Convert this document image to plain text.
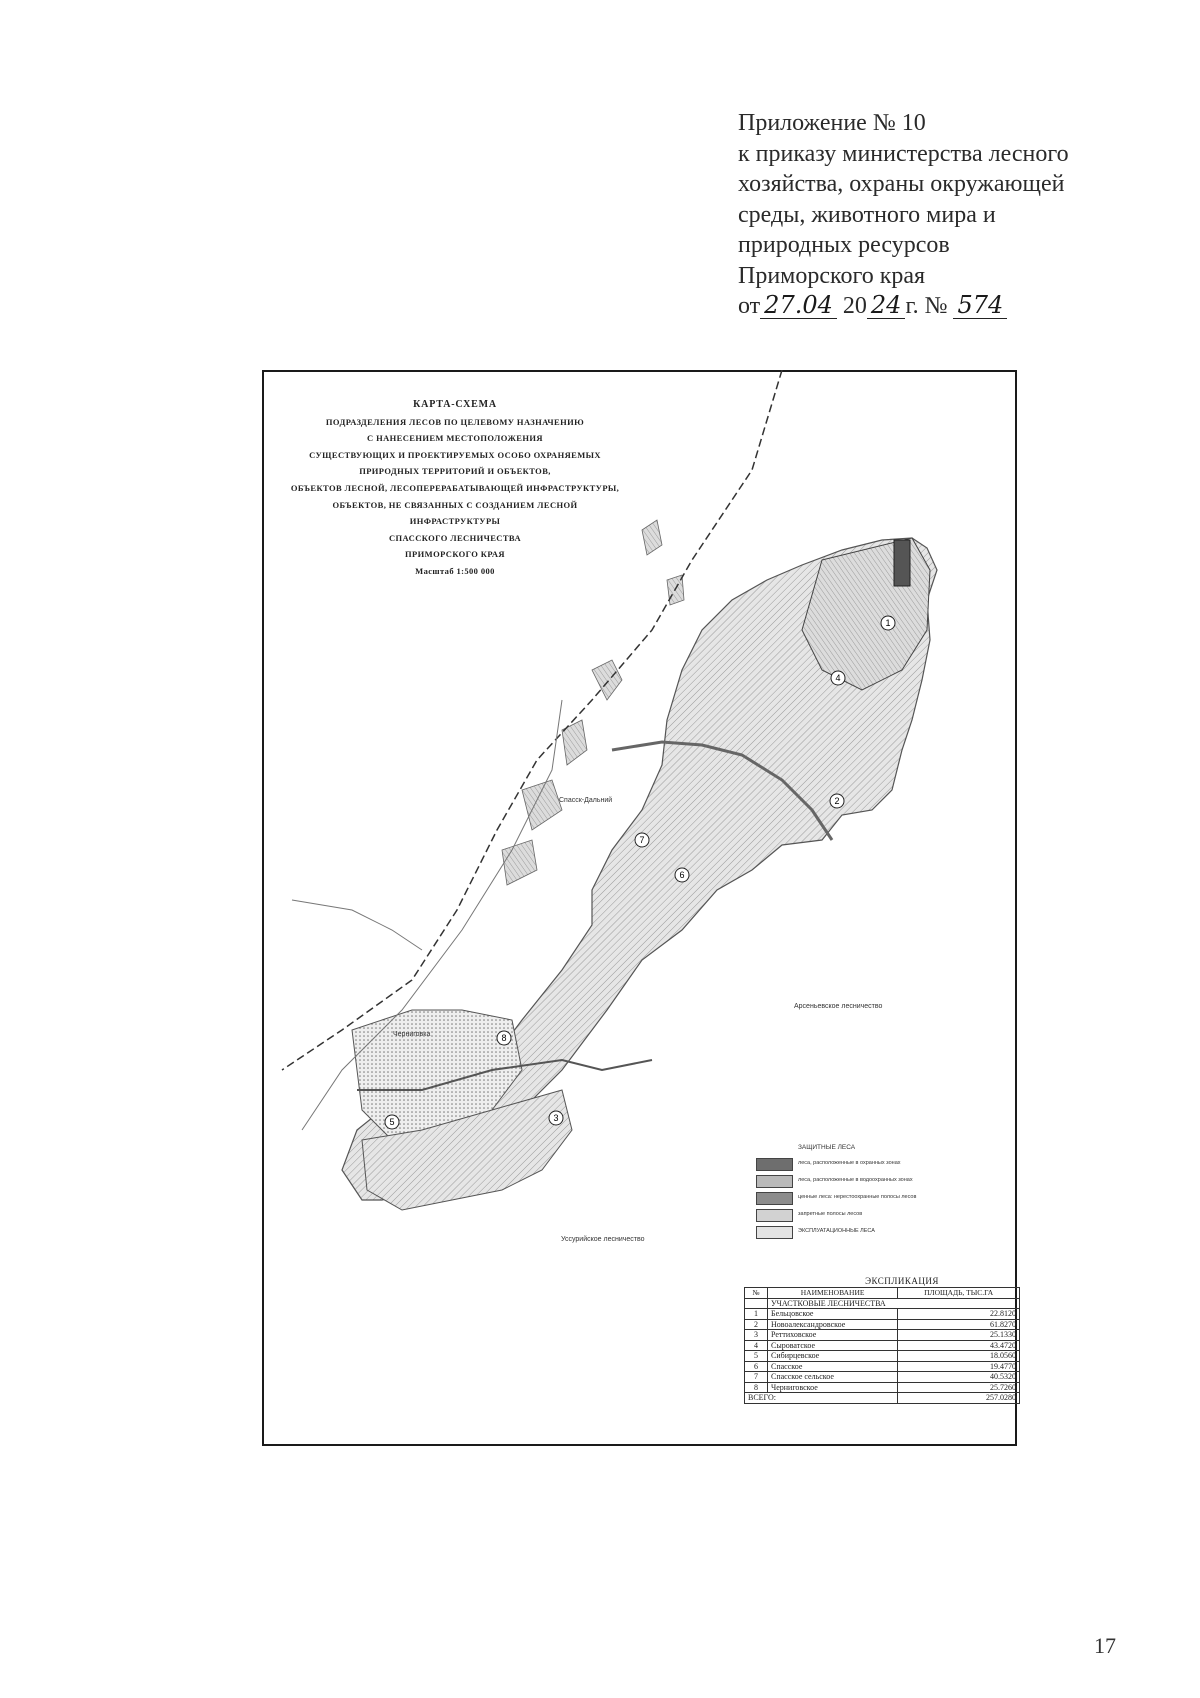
Приложение № 10
к приказу министерства лесного
хозяйства, охраны окружающей
среды, животного мира и
природных ресурсов
Приморского края
от 27.04 20 24 г. № 574
КАРТА-СХЕМА
ПОДРАЗДЕЛЕНИЯ ЛЕСОВ ПО ЦЕЛЕВОМУ НАЗНАЧЕНИЮ
С НАНЕСЕНИЕМ МЕСТОПОЛОЖЕНИЯ
СУЩЕСТВУЮЩИХ И ПРОЕКТИРУЕМЫХ ОСОБО ОХРАНЯЕМЫХ
ПРИРОДНЫХ ТЕРРИТОРИЙ И ОБЪЕКТОВ,
ОБЪЕКТОВ ЛЕСНОЙ, ЛЕСОПЕРЕРАБАТЫВАЮЩЕЙ ИНФРАСТРУКТУРЫ,
ОБЪЕКТОВ, НЕ СВЯЗАННЫХ С СОЗДАНИЕМ ЛЕСНОЙ ИНФРАСТРУКТУРЫ
СПАССКОГО ЛЕСНИЧЕСТВА
ПРИМОРСКОГО КРАЯ
Масштаб 1:500 000
1
2
3
4
5
6
7
8
Спасск-Дальний
Черниговка
Арсеньевское лесничество
Уссурийское лесничество
ЗАЩИТНЫЕ ЛЕСА
леса, расположенные в охранных зонах
леса, расположенные в водоохранных зонах
ценные леса: нерестоохранные полосы лесов
запретные полосы лесов
ЭКСПЛУАТАЦИОННЫЕ ЛЕСА
ЭКСПЛИКАЦИЯ
№	НАИМЕНОВАНИЕ	ПЛОЩАДЬ, ТЫС.ГА
	УЧАСТКОВЫЕ ЛЕСНИЧЕСТВА	
1	Бельцовское	22.8120
2	Новоалександровское	61.8270
3	Реттиховское	25.1330
4	Сыроватское	43.4720
5	Сибирцевское	18.0560
6	Спасское	19.4770
7	Спасское сельское	40.5320
8	Черниговское	25.7260
ВСЕГО:		257.0280
17
